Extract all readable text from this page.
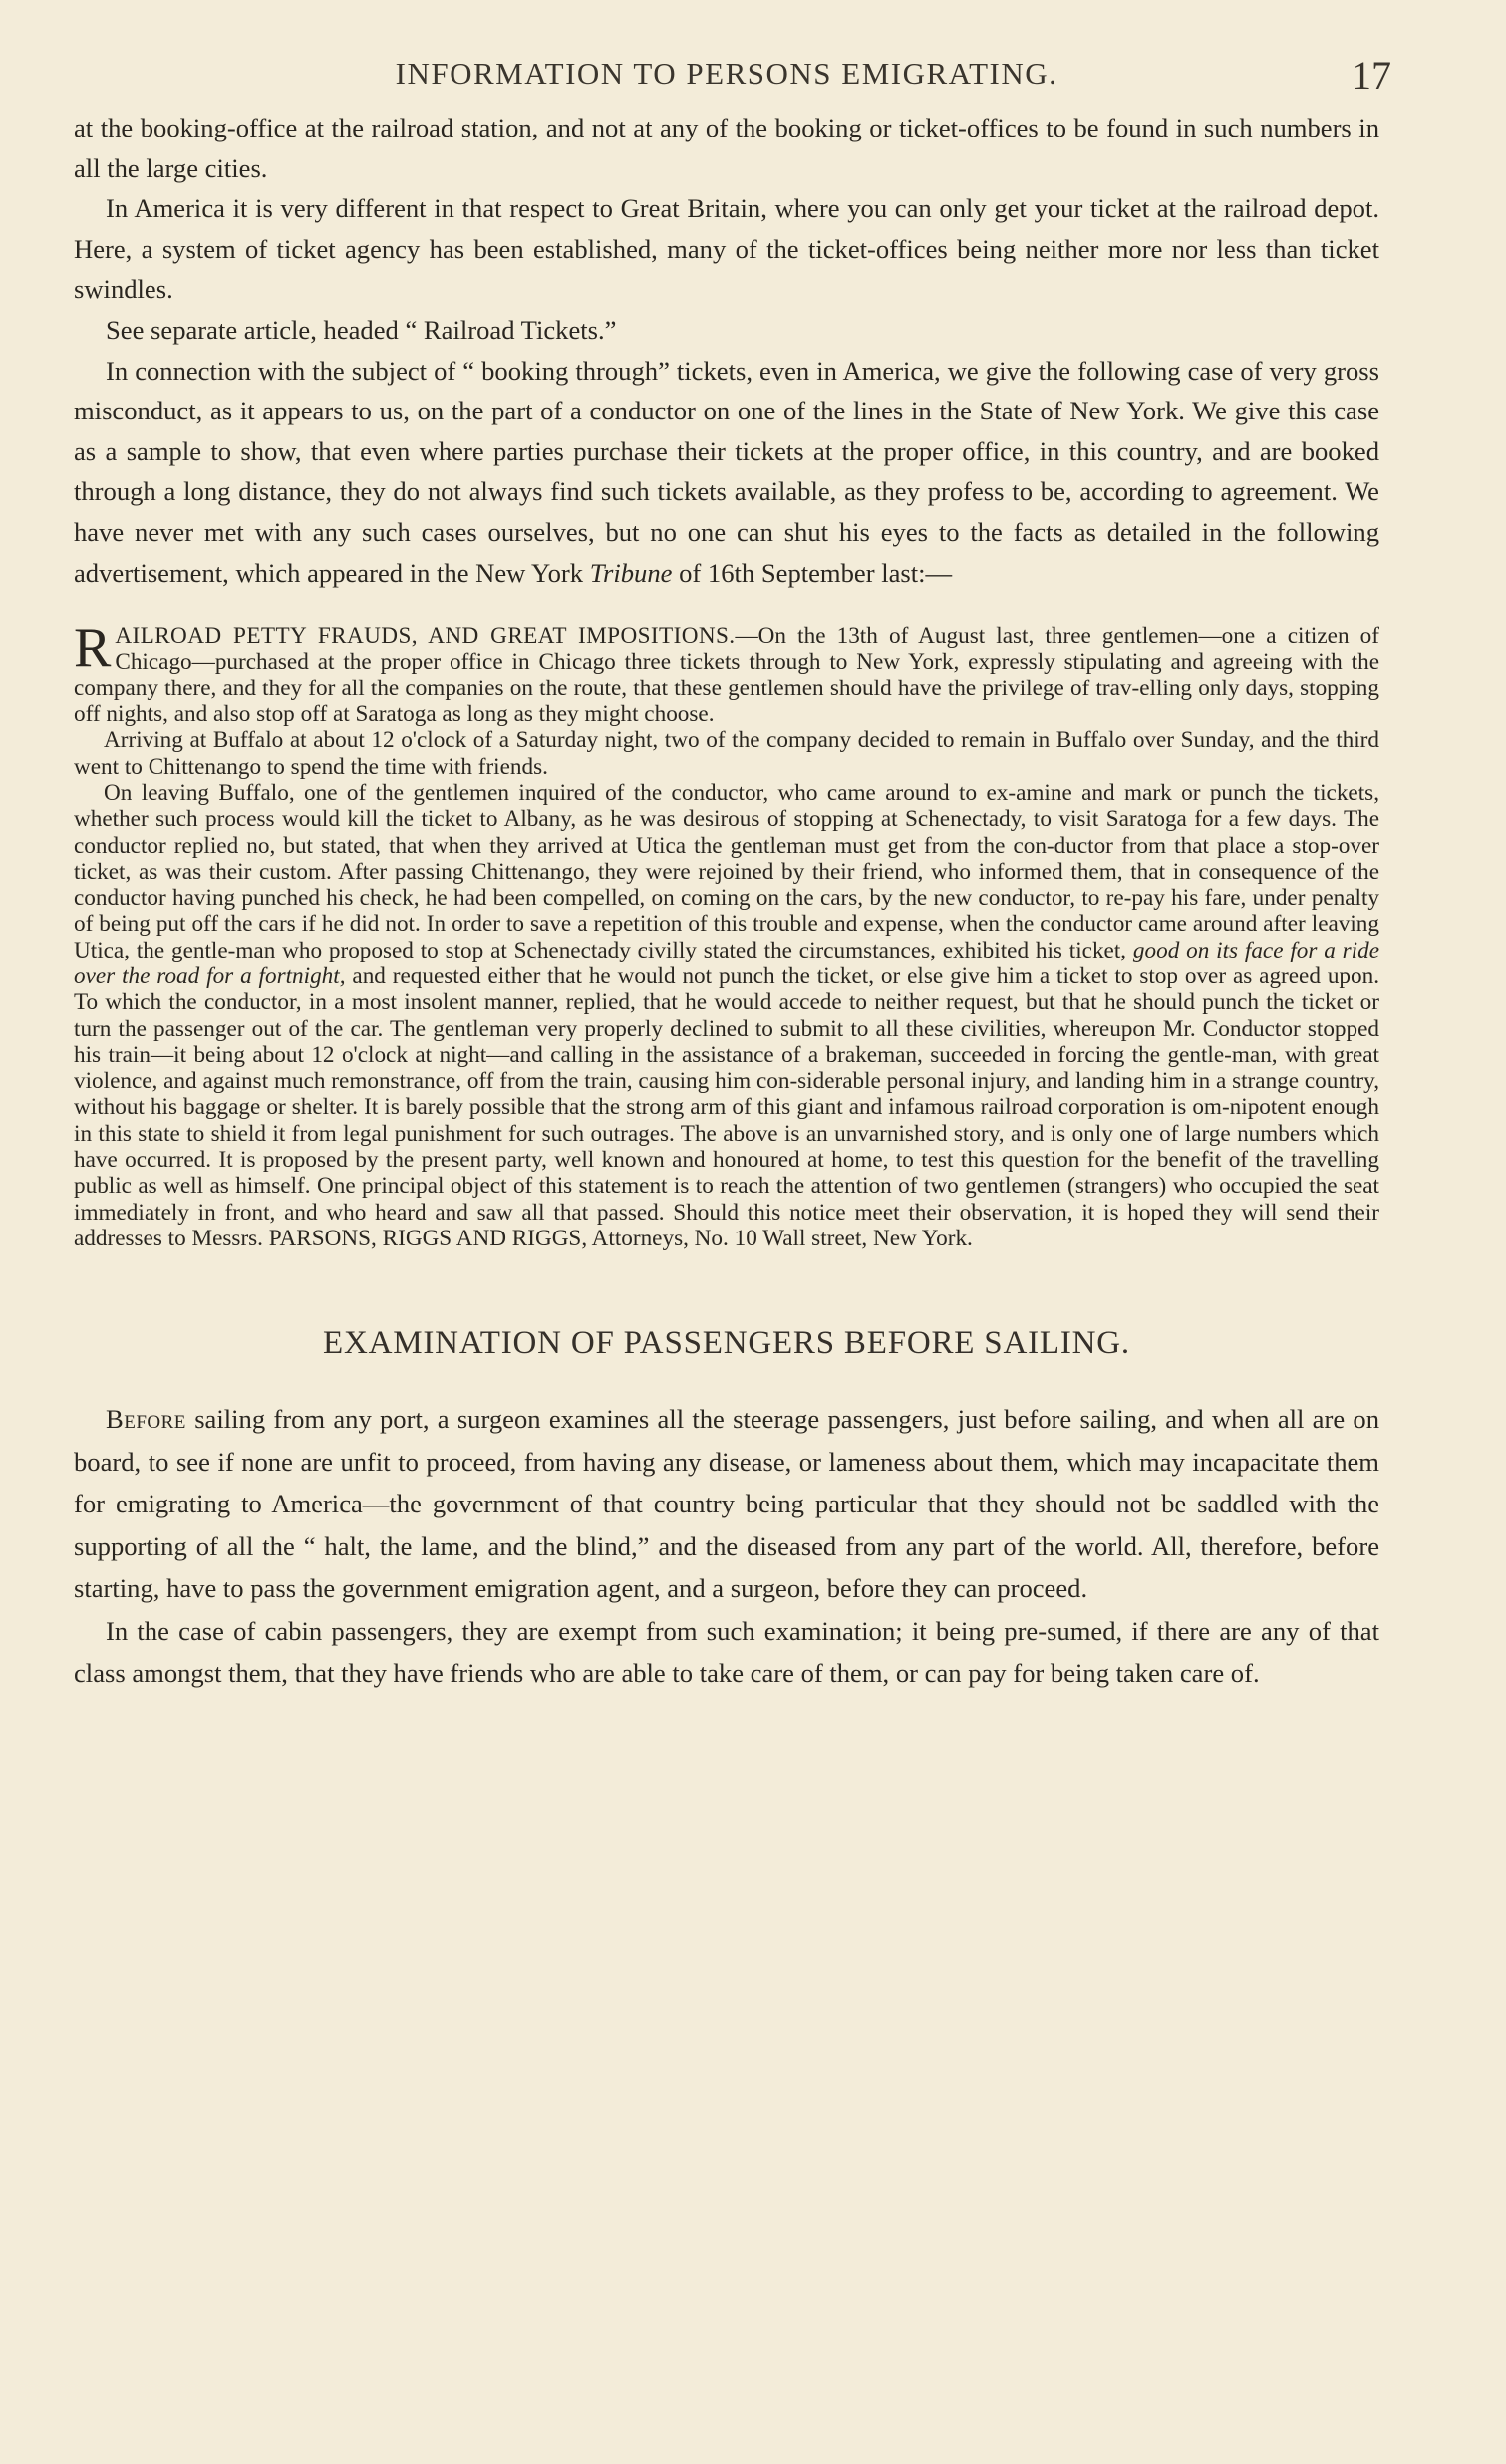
INFORMATION TO PERSONS EMIGRATING.	17

at the booking-office at the railroad station, and not at any of the booking or ticket-offices to be found in such numbers in all the large cities.

In America it is very different in that respect to Great Britain, where you can only get your ticket at the railroad depot. Here, a system of ticket agency has been established, many of the ticket-offices being neither more nor less than ticket swindles.

See separate article, headed “ Railroad Tickets.”

In connection with the subject of “ booking through” tickets, even in America, we give the following case of very gross misconduct, as it appears to us, on the part of a conductor on one of the lines in the State of New York. We give this case as a sample to show, that even where parties purchase their tickets at the proper office, in this country, and are booked through a long distance, they do not always find such tickets available, as they profess to be, according to agreement. We have never met with any such cases ourselves, but no one can shut his eyes to the facts as detailed in the following advertisement, which appeared in the New York Tribune of 16th September last:—

RAILROAD PETTY FRAUDS, AND GREAT IMPOSITIONS.—On the 13th of August last, three gentlemen—one a citizen of Chicago—purchased at the proper office in Chicago three tickets through to New York, expressly stipulating and agreeing with the company there, and they for all the companies on the route, that these gentlemen should have the privilege of trav-elling only days, stopping off nights, and also stop off at Saratoga as long as they might choose.

Arriving at Buffalo at about 12 o'clock of a Saturday night, two of the company decided to remain in Buffalo over Sunday, and the third went to Chittenango to spend the time with friends.

On leaving Buffalo, one of the gentlemen inquired of the conductor, who came around to ex-amine and mark or punch the tickets, whether such process would kill the ticket to Albany, as he was desirous of stopping at Schenectady, to visit Saratoga for a few days. The conductor replied no, but stated, that when they arrived at Utica the gentleman must get from the con-ductor from that place a stop-over ticket, as was their custom. After passing Chittenango, they were rejoined by their friend, who informed them, that in consequence of the conductor having punched his check, he had been compelled, on coming on the cars, by the new conductor, to re-pay his fare, under penalty of being put off the cars if he did not. In order to save a repetition of this trouble and expense, when the conductor came around after leaving Utica, the gentle-man who proposed to stop at Schenectady civilly stated the circumstances, exhibited his ticket, good on its face for a ride over the road for a fortnight, and requested either that he would not punch the ticket, or else give him a ticket to stop over as agreed upon. To which the conductor, in a most insolent manner, replied, that he would accede to neither request, but that he should punch the ticket or turn the passenger out of the car. The gentleman very properly declined to submit to all these civilities, whereupon Mr. Conductor stopped his train—it being about 12 o'clock at night—and calling in the assistance of a brakeman, succeeded in forcing the gentle-man, with great violence, and against much remonstrance, off from the train, causing him con-siderable personal injury, and landing him in a strange country, without his baggage or shelter. It is barely possible that the strong arm of this giant and infamous railroad corporation is om-nipotent enough in this state to shield it from legal punishment for such outrages. The above is an unvarnished story, and is only one of large numbers which have occurred. It is proposed by the present party, well known and honoured at home, to test this question for the benefit of the travelling public as well as himself. One principal object of this statement is to reach the attention of two gentlemen (strangers) who occupied the seat immediately in front, and who heard and saw all that passed. Should this notice meet their observation, it is hoped they will send their addresses to Messrs. PARSONS, RIGGS AND RIGGS, Attorneys, No. 10 Wall street, New York.

EXAMINATION OF PASSENGERS BEFORE SAILING.

Before sailing from any port, a surgeon examines all the steerage passengers, just before sailing, and when all are on board, to see if none are unfit to proceed, from having any disease, or lameness about them, which may incapacitate them for emigrating to America—the government of that country being particular that they should not be saddled with the supporting of all the “ halt, the lame, and the blind,” and the diseased from any part of the world. All, therefore, before starting, have to pass the government emigration agent, and a surgeon, before they can proceed.

In the case of cabin passengers, they are exempt from such examination; it being pre-sumed, if there are any of that class amongst them, that they have friends who are able to take care of them, or can pay for being taken care of.
